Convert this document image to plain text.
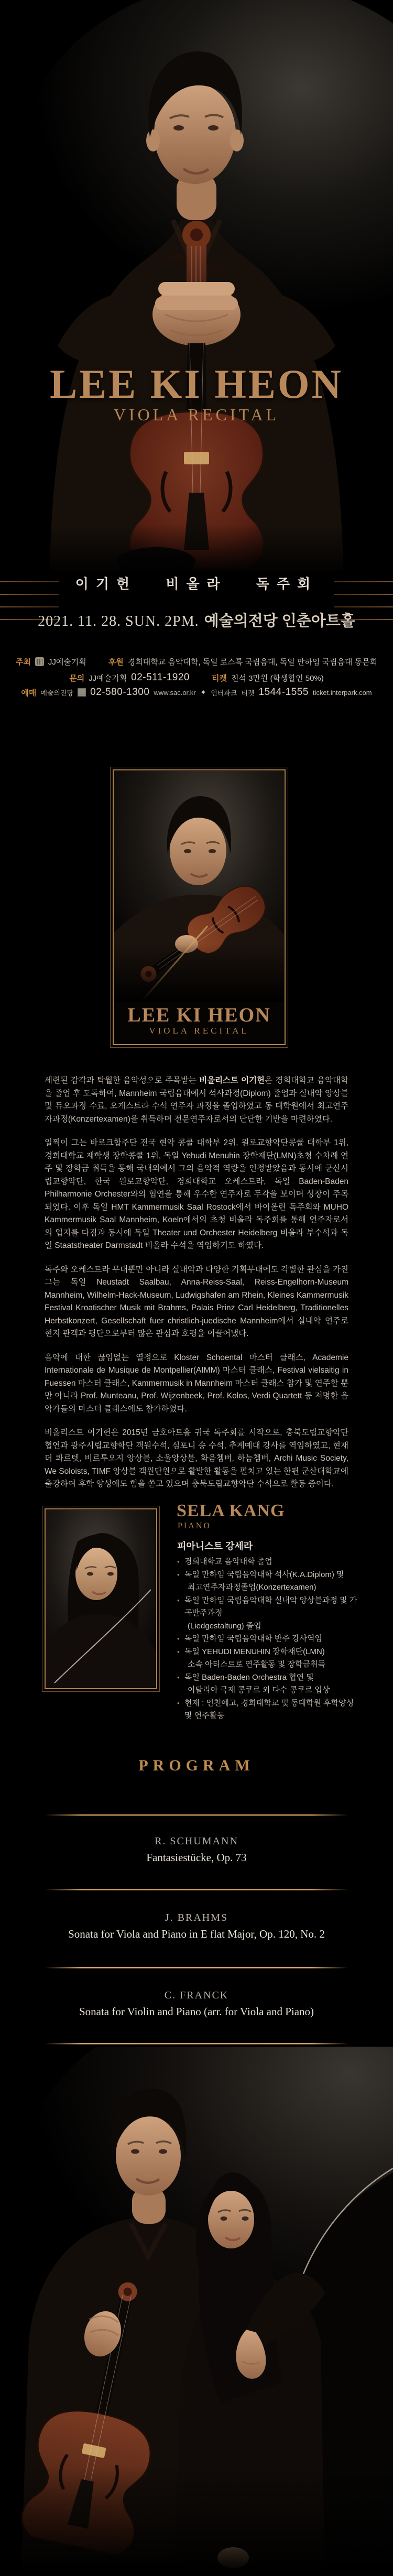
LEE KI HEON
VIOLA RECITAL
이기헌 비올라 독주회
2021. 11. 28. SUN. 2PM. 예술의전당 인춘아트홀
주최 JJ예술기획	후원 경희대학교 음악대학, 독일 로스톡 국립음대, 독일 만하임 국립음대 동문회
문의 JJ예술기획 02-511-1920	티켓 전석 3만원 (학생할인 50%)
예매 예술의전당 02-580-1300 www.sac.or.kr ✦ 인터파크 티켓 1544-1555 ticket.interpark.com
LEE KI HEON
VIOLA RECITAL

세련된 감각과 탁월한 음악성으로 주목받는 비올리스트 이기헌은 경희대학교 음악대학을 졸업 후 도독하여, Mannheim 국립음대에서 석사과정(Diplom) 졸업과 실내악 앙상블 및 듀오과정 수료, 오케스트라 수석 연주자 과정을 졸업하였고 동 대학원에서 최고연주자과정(Konzertexamen)을 취득하며 전문연주자로서의 단단한 기반을 마련하였다.

일찍이 그는 바로크합주단 전국 현악 콩쿨 대학부 2위, 원로교향악단콩쿨 대학부 1위, 경희대학교 재학생 장학콩쿨 1위, 독일 Yehudi Menuhin 장학재단(LMN)초청 수차례 연주 및 장학금 취득을 통해 국내외에서 그의 음악적 역량을 인정받았음과 동시에 군산시립교향악단, 한국 원로교향악단, 경희대학교 오케스트라, 독일 Baden-Baden Philharmonie Orchester와의 협연을 통해 우수한 연주자로 두각을 보이며 성장이 주목되었다. 이후 독일 HMT Kammermusik Saal Rostock에서 바이올린 독주회와 MUHO Kammermusik Saal Mannheim, Koeln에서의 초청 비올라 독주회를 통해 연주자로서의 입지를 다짐과 동시에 독일 Theater und Orchester Heidelberg 비올라 부수석과 독일 Staatstheater Darmstadt 비올라 수석을 역임하기도 하였다.

독주와 오케스트라 무대뿐만 아니라 실내악과 다양한 기획무대에도 각별한 관심을 가진 그는 독일 Neustadt Saalbau, Anna-Reiss-Saal, Reiss-Engelhorn-Museum Mannheim, Wilhelm-Hack-Museum, Ludwigshafen am Rhein, Kleines Kammermusik Festival Kroatischer Musik mit Brahms, Palais Prinz Carl Heidelberg, Traditionelles Herbstkonzert, Gesellschaft fuer christlich-juedische Mannheim에서 실내악 연주로 현지 관객과 평단으로부터 많은 관심과 호평을 이끌어냈다.

음악에 대한 끊임없는 열정으로 Kloster Schoental 마스터 클래스, Academie Internationale de Musique de Montpellier(AIMM) 마스터 클래스, Festival vielsaitig in Fuessen 마스터 클래스, Kammermusik in Mannheim 마스터 클래스 참가 및 연주할 뿐만 아니라 Prof. Munteanu, Prof. Wijzenbeek, Prof. Kolos, Verdi Quartett 등 저명한 음악가들의 마스터 클래스에도 참가하였다.

비올리스트 이기헌은 2015년 금호아트홀 귀국 독주회를 시작으로, 충북도립교향악단 협연과 광주시립교향학단 객원수석, 심포니 송 수석, 추계예대 강사를 역임하였고, 현재 더 콰르텟, 비르투오지 앙상블, 소울앙상블, 화음쳄버, 하늠쳄버, Archi Music Society, We Soloists, TIMF 앙상블 객원단원으로 활발한 활동을 펼치고 있는 한편 군산대학교에 출강하여 후학 양성에도 힘을 쏟고 있으며 충북도립교향악단 수석으로 활동 중이다.

SELA KANG
PIANO
피아니스트 강세라
• 경희대학교 음악대학 졸업
• 독일 만하임 국립음악대학 석사(K.A.Diplom) 및
최고연주자과정졸업(Konzertexamen)
• 독일 만하임 국립음악대학 실내악 앙상블과정 및 가곡반주과정
(Liedgestaltung) 졸업
• 독일 만하임 국립음악대학 반주 강사역임
• 독일 YEHUDI MENUHIN 장학재단(LMN)
소속 아티스트로 연주활동 및 장학금취득
• 독일 Baden-Baden Orchestra 협연 및
이탈리아 국제 콩쿠르 외 다수 콩쿠르 입상
• 현재 : 인천예고, 경희대학교 및 동대학원 후학양성 및 연주활동
PROGRAM
R. SCHUMANN
Fantasiestücke, Op. 73
J. BRAHMS
Sonata for Viola and Piano in E flat Major, Op. 120, No. 2
C. FRANCK
Sonata for Violin and Piano (arr. for Viola and Piano)
